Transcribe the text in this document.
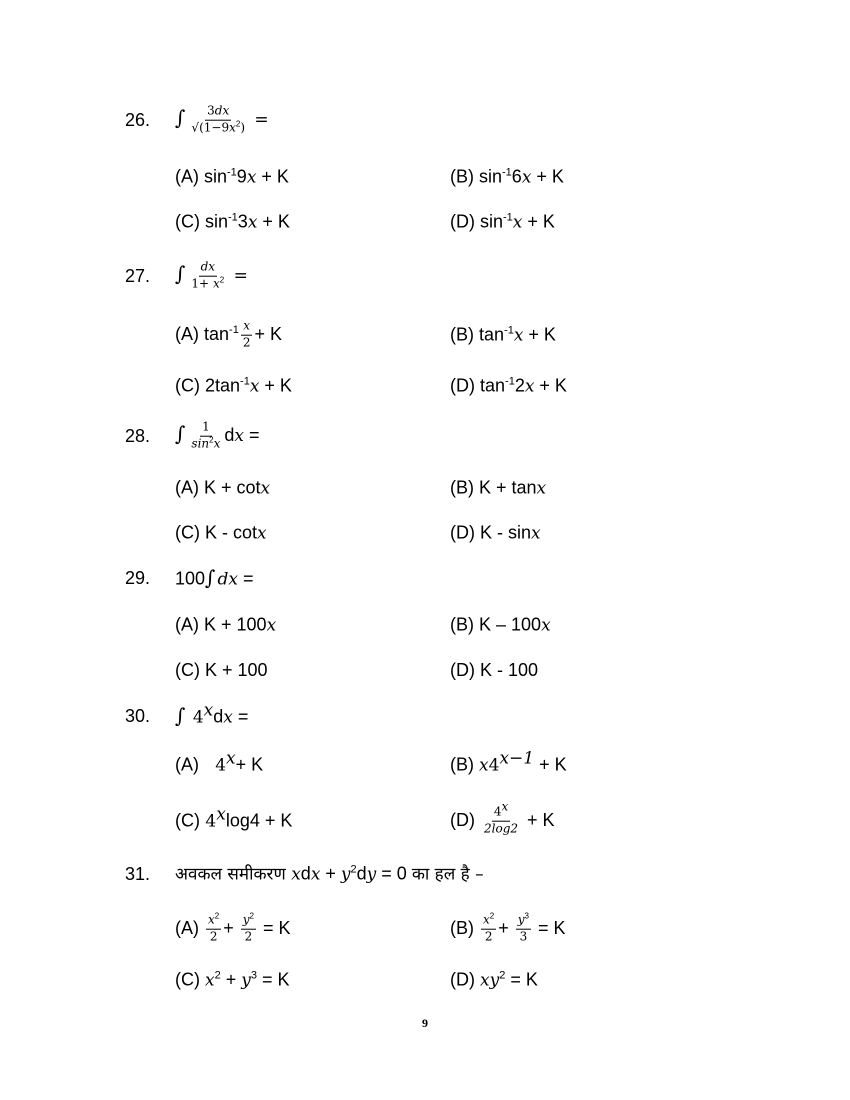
26. ∫ $\frac{3dx}{√(1-9x^2)}$ =
(A) $\sin^{-1}9x + K$	(B) $\sin^{-1}6x + K$
(C) $\sin^{-1}3x + K$	(D) $\sin^{-1}x + K$
27. ∫ $\frac{dx}{1+ x^2}$ =
(A) $\tan^{-1} \frac{x}{2} + K$	(B) $\tan^{-1}x + K$
(C) $2\tan^{-1}x + K$	(D) $\tan^{-1}2x + K$
28. ∫ $\frac{1}{\sin^2x}$ dx =
(A) K + cotx	(B) K + tanx
(C) K - cotx	(D) K - sinx
29. 100∫ dx =
(A) K + 100x	(B) K – 100x
(C) K + 100	(D) K - 100
30. ∫ $4^xdx$ =
(A)   $4^x+ K$	(B) $x4^{x-1} + K$
(C) $4^x\log 4 + K$	$(D) \frac{4^x}{2\log 2} + K$
31. अवकल समीकरण xdx + $y^2dy = 0$ का हल है –
$(A) \frac{x^2}{2} + \frac{y^2}{2} = K$	$(B) \frac{x^2}{2} + \frac{y^3}{3} = K$
(C) $x^2 + y^3 = K$	(D) $xy^2 = K$
9
